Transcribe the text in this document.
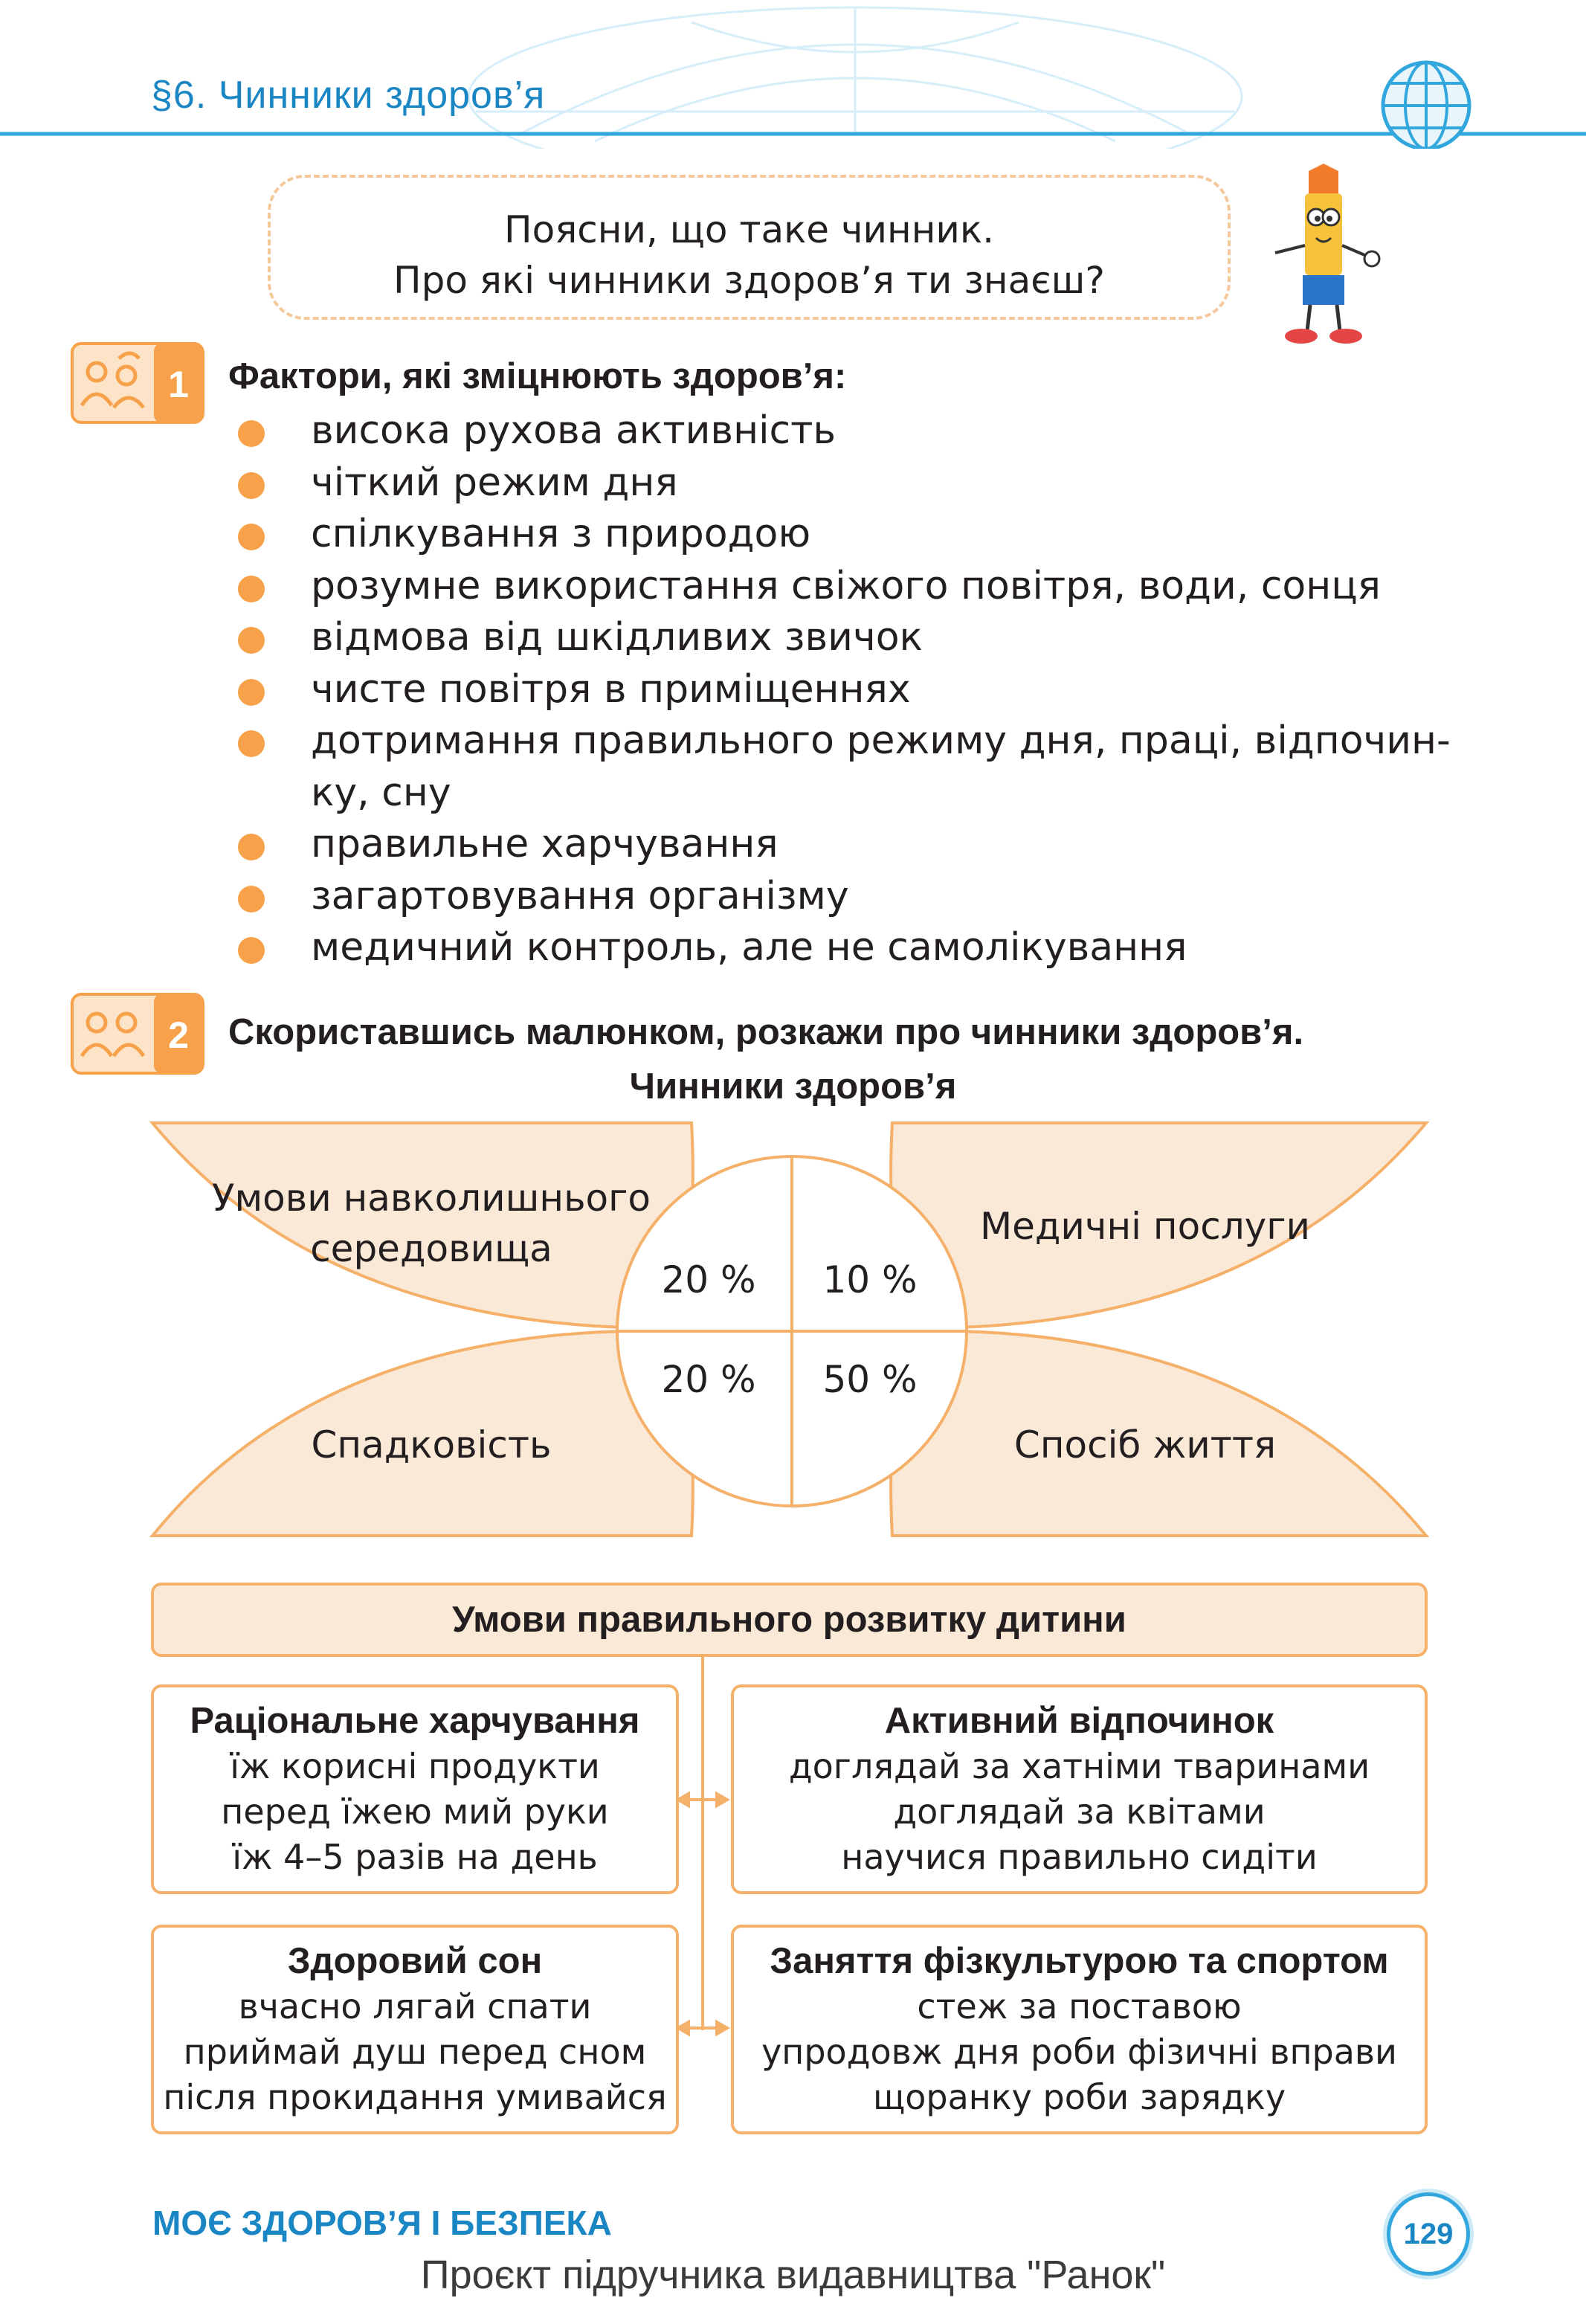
§6. Чинники здоров’я
Поясни, що таке чинник.
Про які чинники здоров’я ти знаєш?
1 Фактори, які зміцнюють здоров’я:
висока рухова активність
чіткий режим дня
спілкування з природою
розумне використання свіжого повітря, води, сонця
відмова від шкідливих звичок
чисте повітря в приміщеннях
дотримання правильного режиму дня, праці, відпочин-
ку, сну
правильне харчування
загартовування організму
медичний контроль, але не самолікування
2 Скориставшись малюнком, розкажи про чинники здоров’я.
Чинники здоров’я
Умови навколишнього
середовища
Медичні послуги
Спадковість	Спосіб життя
20 % 10 %
20 % 50 %
Умови правильного розвитку дитини
Раціональне харчування
їж корисні продукти
перед їжею мий руки
їж 4–5 разів на день
Активний відпочинок
доглядай за хатніми тваринами
доглядай за квітами
научися правильно сидіти
Здоровий сон
вчасно лягай спати
приймай душ перед сном
після прокидання умивайся
Заняття фізкультурою та спортом
стеж за поставою
упродовж дня роби фізичні вправи
щоранку роби зарядку
МОЄ ЗДОРОВ’Я І БЕЗПЕКА	129
Проєкт підручника видавництва "Ранок"
